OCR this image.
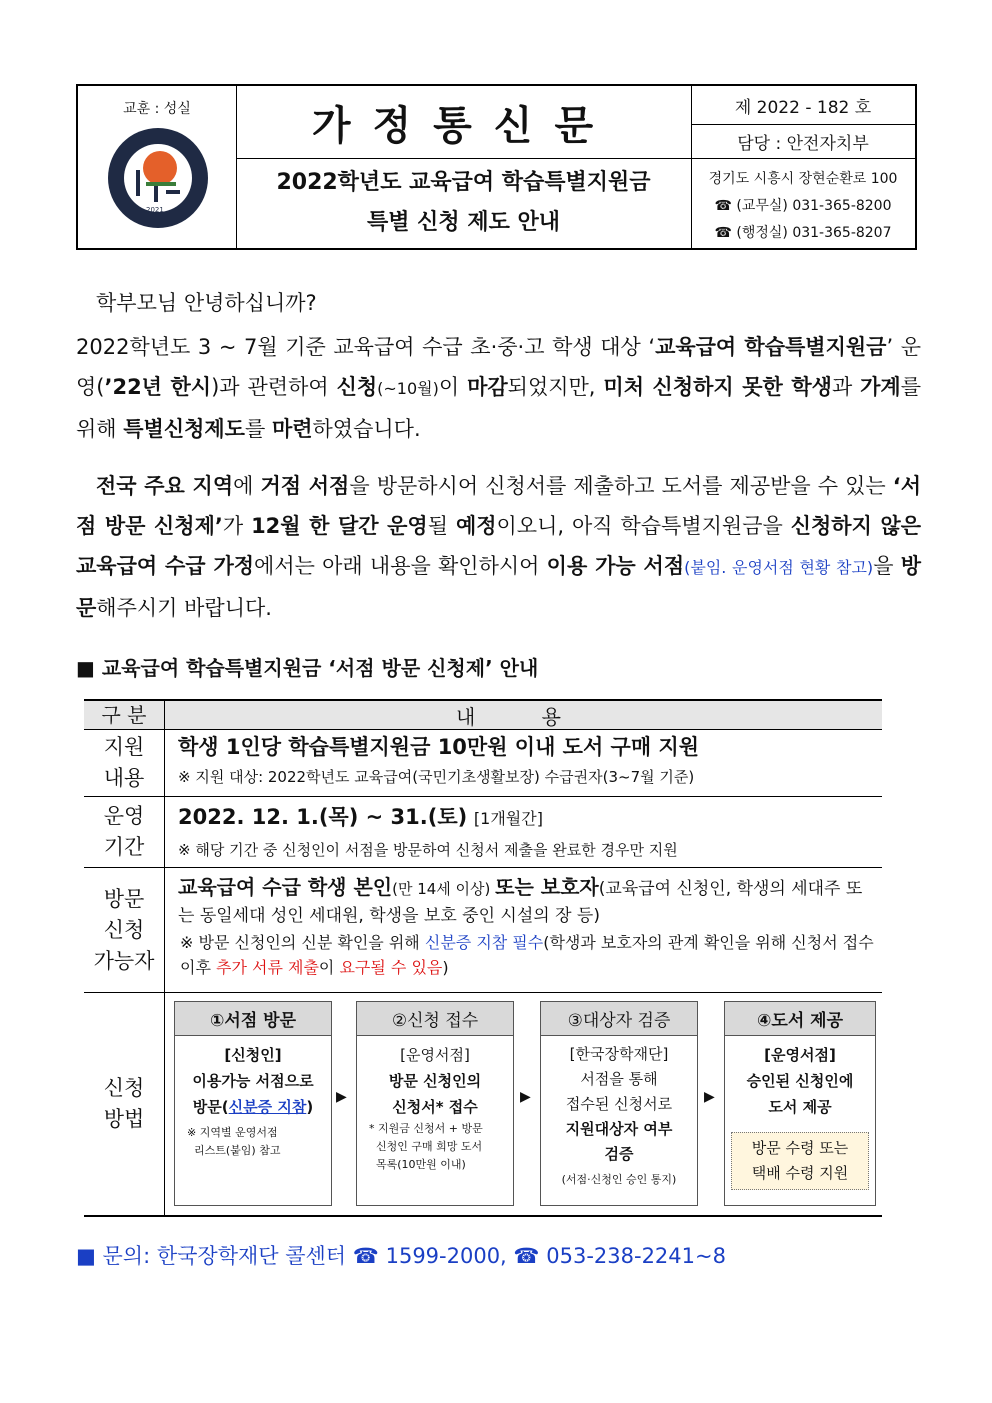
교훈 : 성실
2021
가정통신문
2022학년도 교육급여 학습특별지원금
특별 신청 제도 안내
제 2022 - 182 호
담당 : 안전자치부
경기도 시흥시 장현순환로 100
☎ (교무실) 031-365-8200
☎ (행정실) 031-365-8207
학부모님 안녕하십니까?
2022학년도 3 ~ 7월 기준 교육급여 수급 초·중·고 학생 대상 ‘교육급여 학습특별지원금’ 운영(’22년 한시)과 관련하여 신청(~10월)이 마감되었지만, 미처 신청하지 못한 학생과 가계를 위해 특별신청제도를 마련하였습니다.
전국 주요 지역에 거점 서점을 방문하시어 신청서를 제출하고 도서를 제공받을 수 있는 ‘서점 방문 신청제’가 12월 한 달간 운영될 예정이오니, 아직 학습특별지원금을 신청하지 않은 교육급여 수급 가정에서는 아래 내용을 확인하시어 이용 가능 서점(붙임. 운영서점 현황 참고)을 방문해주시기 바랍니다.
■ 교육급여 학습특별지원금 ‘서점 방문 신청제’ 안내
구 분	내 용
지원
내용
학생 1인당 학습특별지원금 10만원 이내 도서 구매 지원
※ 지원 대상: 2022학년도 교육급여(국민기초생활보장) 수급권자(3~7월 기준)
운영
기간
2022. 12. 1.(목) ~ 31.(토) [1개월간]
※ 해당 기간 중 신청인이 서점을 방문하여 신청서 제출을 완료한 경우만 지원
방문
신청
가능자
교육급여 수급 학생 본인(만 14세 이상) 또는 보호자(교육급여 신청인, 학생의 세대주 또는 동일세대 성인 세대원, 학생을 보호 중인 시설의 장 등)
※ 방문 신청인의 신분 확인을 위해 신분증 지참 필수(학생과 보호자의 관계 확인을 위해 신청서 접수 이후 추가 서류 제출이 요구될 수 있음)
신청
방법
①서점 방문
[신청인]
이용가능 서점으로
방문(신분증 지참)
※ 지역별 운영서점
리스트(붙임) 참고
▶
②신청 접수
[운영서점]
방문 신청인의
신청서* 접수
* 지원금 신청서 + 방문
신청인 구매 희망 도서
목록(10만원 이내)
▶
③대상자 검증
[한국장학재단]
서점을 통해
접수된 신청서로
지원대상자 여부
검증
(서점·신청인 승인 통지)
▶
④도서 제공
[운영서점]
승인된 신청인에
도서 제공
방문 수령 또는
택배 수령 지원
■ 문의: 한국장학재단 콜센터 ☎ 1599-2000, ☎ 053-238-2241~8
